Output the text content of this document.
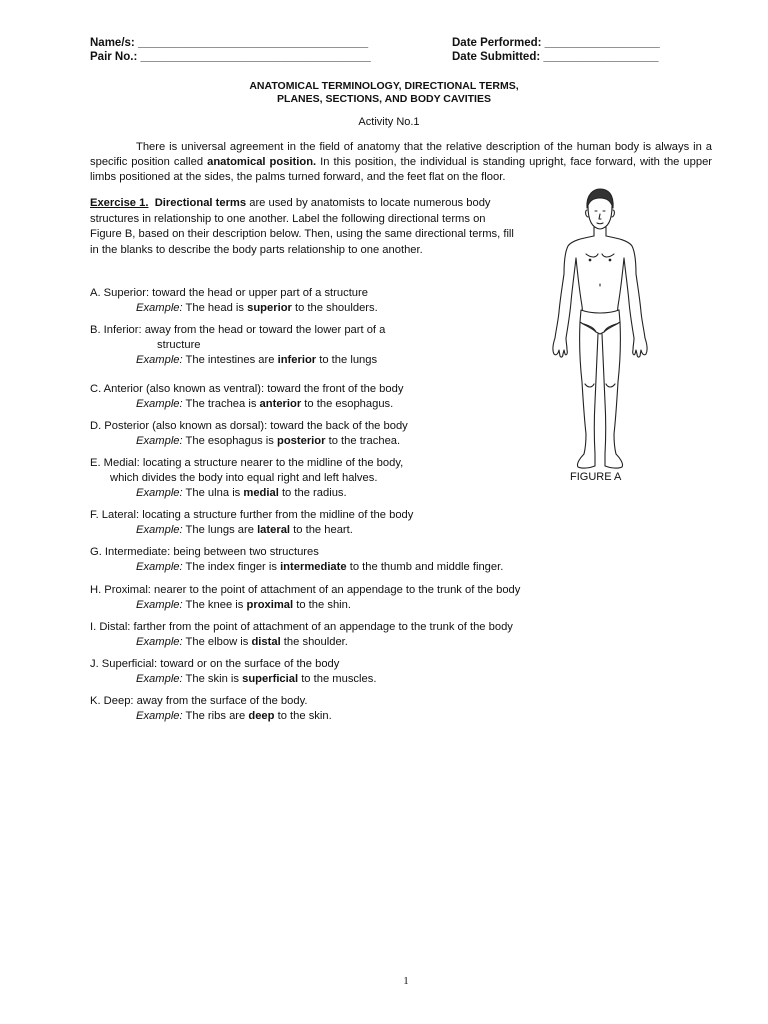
Name/s: ____________________________________
Pair No.: ____________________________________
Date Performed: __________________
Date Submitted: __________________
ANATOMICAL TERMINOLOGY, DIRECTIONAL TERMS,
PLANES, SECTIONS, AND BODY CAVITIES
Activity No.1
There is universal agreement in the field of anatomy that the relative description of the human body is always in a specific position called anatomical position. In this position, the individual is standing upright, face forward, with the upper limbs positioned at the sides, the palms turned forward, and the feet flat on the floor.
Exercise 1. Directional terms are used by anatomists to locate numerous body structures in relationship to one another. Label the following directional terms on Figure B, based on their description below. Then, using the same directional terms, fill in the blanks to describe the body parts relationship to one another.
A. Superior: toward the head or upper part of a structure
Example: The head is superior to the shoulders.
B. Inferior: away from the head or toward the lower part of a
structure
Example: The intestines are inferior to the lungs
C. Anterior (also known as ventral): toward the front of the body
Example: The trachea is anterior to the esophagus.
D. Posterior (also known as dorsal): toward the back of the body
Example: The esophagus is posterior to the trachea.
E. Medial: locating a structure nearer to the midline of the body,
which divides the body into equal right and left halves.
Example: The ulna is medial to the radius.
F. Lateral: locating a structure further from the midline of the body
Example: The lungs are lateral to the heart.
G. Intermediate: being between two structures
Example: The index finger is intermediate to the thumb and middle finger.
H. Proximal: nearer to the point of attachment of an appendage to the trunk of the body
Example: The knee is proximal to the shin.
I. Distal: farther from the point of attachment of an appendage to the trunk of the body
Example: The elbow is distal the shoulder.
J. Superficial: toward or on the surface of the body
Example: The skin is superficial to the muscles.
K. Deep: away from the surface of the body.
Example: The ribs are deep to the skin.
FIGURE A
1
